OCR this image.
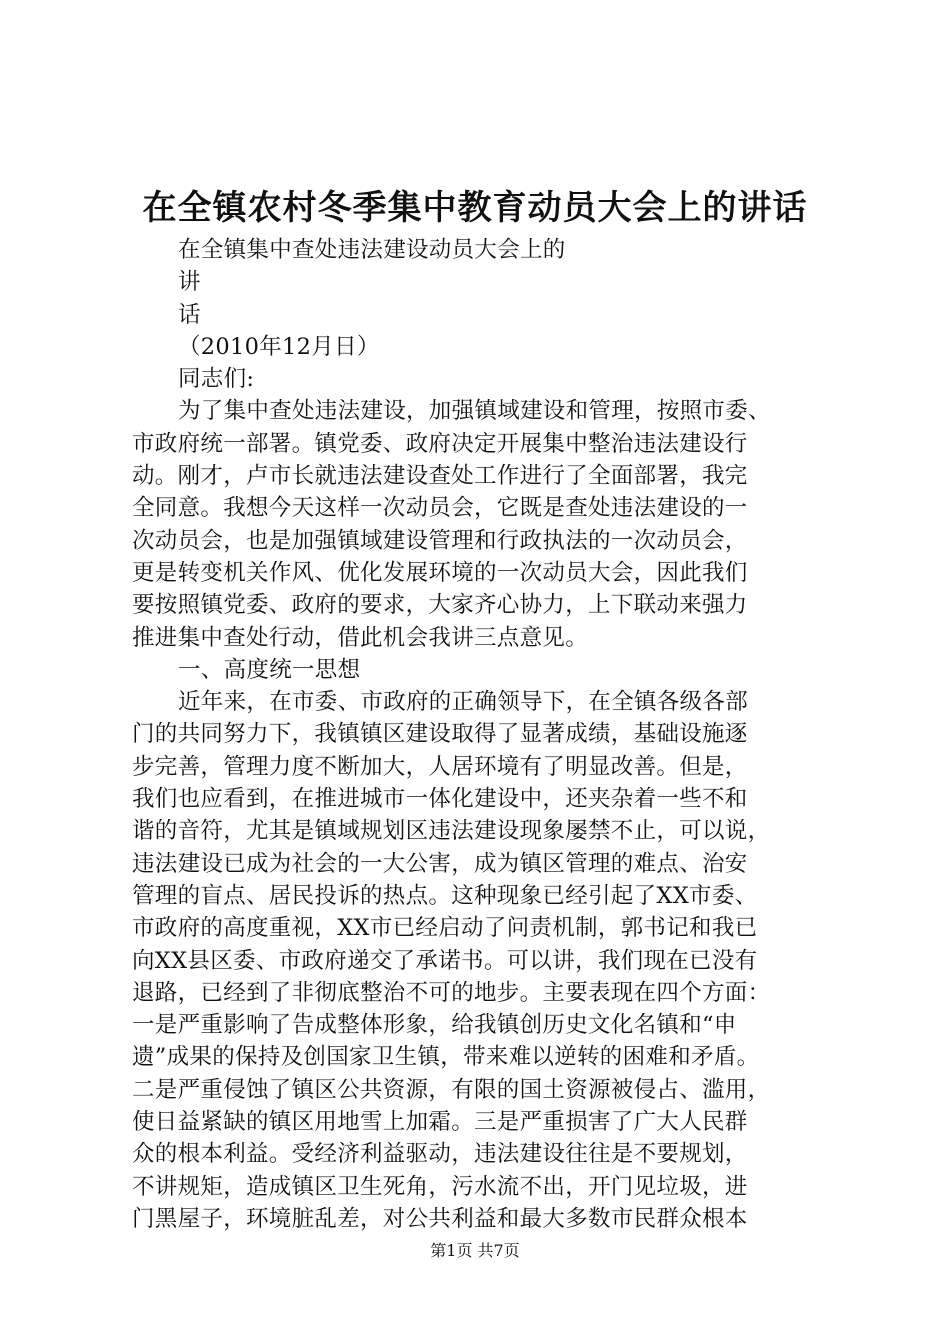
在全镇农村冬季集中教育动员大会上的讲话
在全镇集中查处违法建设动员大会上的
讲
话
（2010年12月日）
同志们:
为了集中查处违法建设，加强镇域建设和管理，按照市委、
市政府统一部署。镇党委、政府决定开展集中整治违法建设行
动。刚才，卢市长就违法建设查处工作进行了全面部署，我完
全同意。我想今天这样一次动员会，它既是查处违法建设的一
次动员会，也是加强镇域建设管理和行政执法的一次动员会，
更是转变机关作风、优化发展环境的一次动员大会，因此我们
要按照镇党委、政府的要求，大家齐心协力，上下联动来强力
推进集中查处行动，借此机会我讲三点意见。
一、高度统一思想
近年来，在市委、市政府的正确领导下，在全镇各级各部
门的共同努力下，我镇镇区建设取得了显著成绩，基础设施逐
步完善，管理力度不断加大，人居环境有了明显改善。但是，
我们也应看到，在推进城市一体化建设中，还夹杂着一些不和
谐的音符，尤其是镇域规划区违法建设现象屡禁不止，可以说，
违法建设已成为社会的一大公害，成为镇区管理的难点、治安
管理的盲点、居民投诉的热点。这种现象已经引起了XX市委、
市政府的高度重视，XX市已经启动了问责机制，郭书记和我已
向XX县区委、市政府递交了承诺书。可以讲，我们现在已没有
退路，已经到了非彻底整治不可的地步。主要表现在四个方面：
一是严重影响了告成整体形象，给我镇创历史文化名镇和“申
遗”成果的保持及创国家卫生镇，带来难以逆转的困难和矛盾。
二是严重侵蚀了镇区公共资源，有限的国土资源被侵占、滥用，
使日益紧缺的镇区用地雪上加霜。三是严重损害了广大人民群
众的根本利益。受经济利益驱动，违法建设往往是不要规划，
不讲规矩，造成镇区卫生死角，污水流不出，开门见垃圾，进
门黑屋子，环境脏乱差，对公共利益和最大多数市民群众根本
第1页 共7页
